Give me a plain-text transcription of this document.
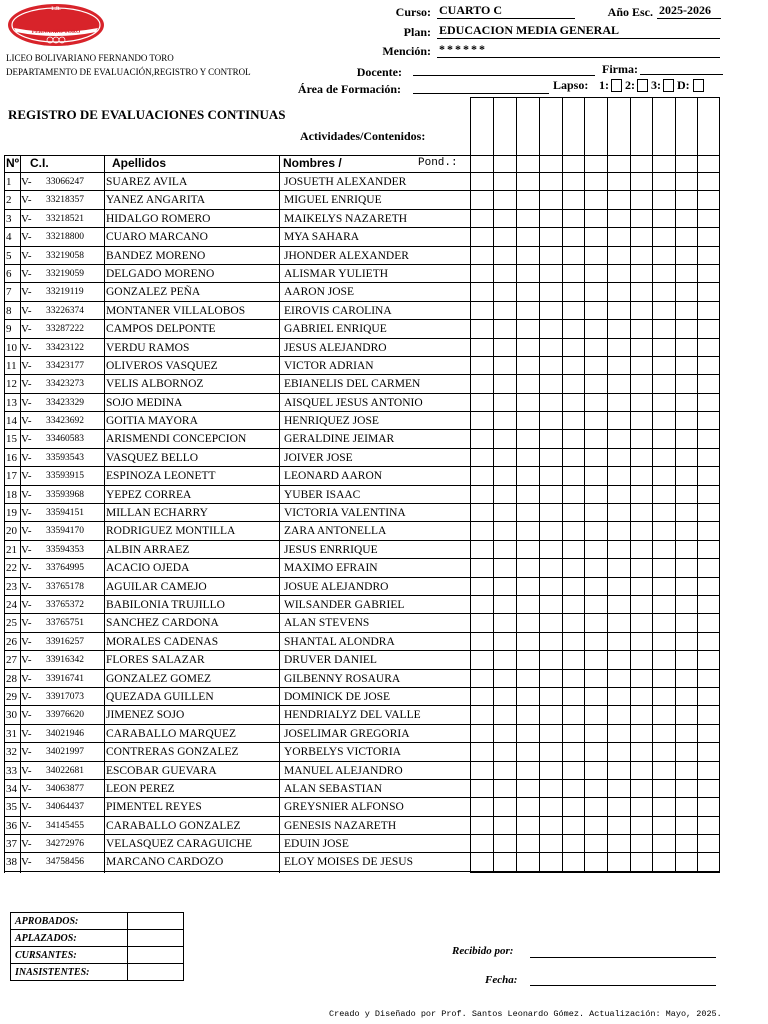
FERNANDO TORO
L.B.
LICEO BOLIVARIANO FERNANDO TORO
DEPARTAMENTO DE EVALUACIÓN,REGISTRO Y CONTROL
Curso: CUARTO C	Año Esc. 2025-2026
Plan: EDUCACION MEDIA GENERAL
Mención: ******
Docente:	Firma:
Área de Formación:	Lapso: 1: 2: 3: D:
REGISTRO DE EVALUACIONES CONTINUAS
Actividades/Contenidos:
Nº C.I.	Apellidos	Nombres /	Pond.:
1 V- 33066247 SUAREZ AVILA	JOSUETH ALEXANDER
2 V- 33218357 YANEZ ANGARITA	MIGUEL ENRIQUE
3 V- 33218521 HIDALGO ROMERO	MAIKELYS NAZARETH
4 V- 33218800 CUARO MARCANO	MYA SAHARA
5 V- 33219058 BANDEZ MORENO	JHONDER ALEXANDER
6 V- 33219059 DELGADO MORENO	ALISMAR YULIETH
7 V- 33219119 GONZALEZ PEÑA	AARON JOSE
8 V- 33226374 MONTANER VILLALOBOS	EIROVIS CAROLINA
9 V- 33287222 CAMPOS DELPONTE	GABRIEL ENRIQUE
10 V- 33423122 VERDU RAMOS	JESUS ALEJANDRO
11 V- 33423177 OLIVEROS VASQUEZ	VICTOR ADRIAN
12 V- 33423273 VELIS ALBORNOZ	EBIANELIS DEL CARMEN
13 V- 33423329 SOJO MEDINA	AISQUEL JESUS ANTONIO
14 V- 33423692 GOITIA MAYORA	HENRIQUEZ JOSE
15 V- 33460583 ARISMENDI CONCEPCION	GERALDINE JEIMAR
16 V- 33593543 VASQUEZ BELLO	JOIVER JOSE
17 V- 33593915 ESPINOZA LEONETT	LEONARD AARON
18 V- 33593968 YEPEZ CORREA	YUBER ISAAC
19 V- 33594151 MILLAN ECHARRY	VICTORIA VALENTINA
20 V- 33594170 RODRIGUEZ MONTILLA	ZARA ANTONELLA
21 V- 33594353 ALBIN ARRAEZ	JESUS ENRRIQUE
22 V- 33764995 ACACIO OJEDA	MAXIMO EFRAIN
23 V- 33765178 AGUILAR CAMEJO	JOSUE ALEJANDRO
24 V- 33765372 BABILONIA TRUJILLO	WILSANDER GABRIEL
25 V- 33765751 SANCHEZ CARDONA	ALAN STEVENS
26 V- 33916257 MORALES CADENAS	SHANTAL ALONDRA
27 V- 33916342 FLORES SALAZAR	DRUVER DANIEL
28 V- 33916741 GONZALEZ GOMEZ	GILBENNY ROSAURA
29 V- 33917073 QUEZADA GUILLEN	DOMINICK DE JOSE
30 V- 33976620 JIMENEZ SOJO	HENDRIALYZ DEL VALLE
31 V- 34021946 CARABALLO MARQUEZ	JOSELIMAR GREGORIA
32 V- 34021997 CONTRERAS GONZALEZ	YORBELYS VICTORIA
33 V- 34022681 ESCOBAR GUEVARA	MANUEL ALEJANDRO
34 V- 34063877 LEON PEREZ	ALAN SEBASTIAN
35 V- 34064437 PIMENTEL REYES	GREYSNIER ALFONSO
36 V- 34145455 CARABALLO GONZALEZ	GENESIS NAZARETH
37 V- 34272976 VELASQUEZ CARAGUICHE	EDUIN JOSE
38 V- 34758456 MARCANO CARDOZO	ELOY MOISES DE JESUS
APROBADOS:	
APLAZADOS:	
CURSANTES:	
INASISTENTES:	
Recibido por:
Fecha:
Creado y Diseñado por Prof. Santos Leonardo Gómez. Actualización: Mayo, 2025.
